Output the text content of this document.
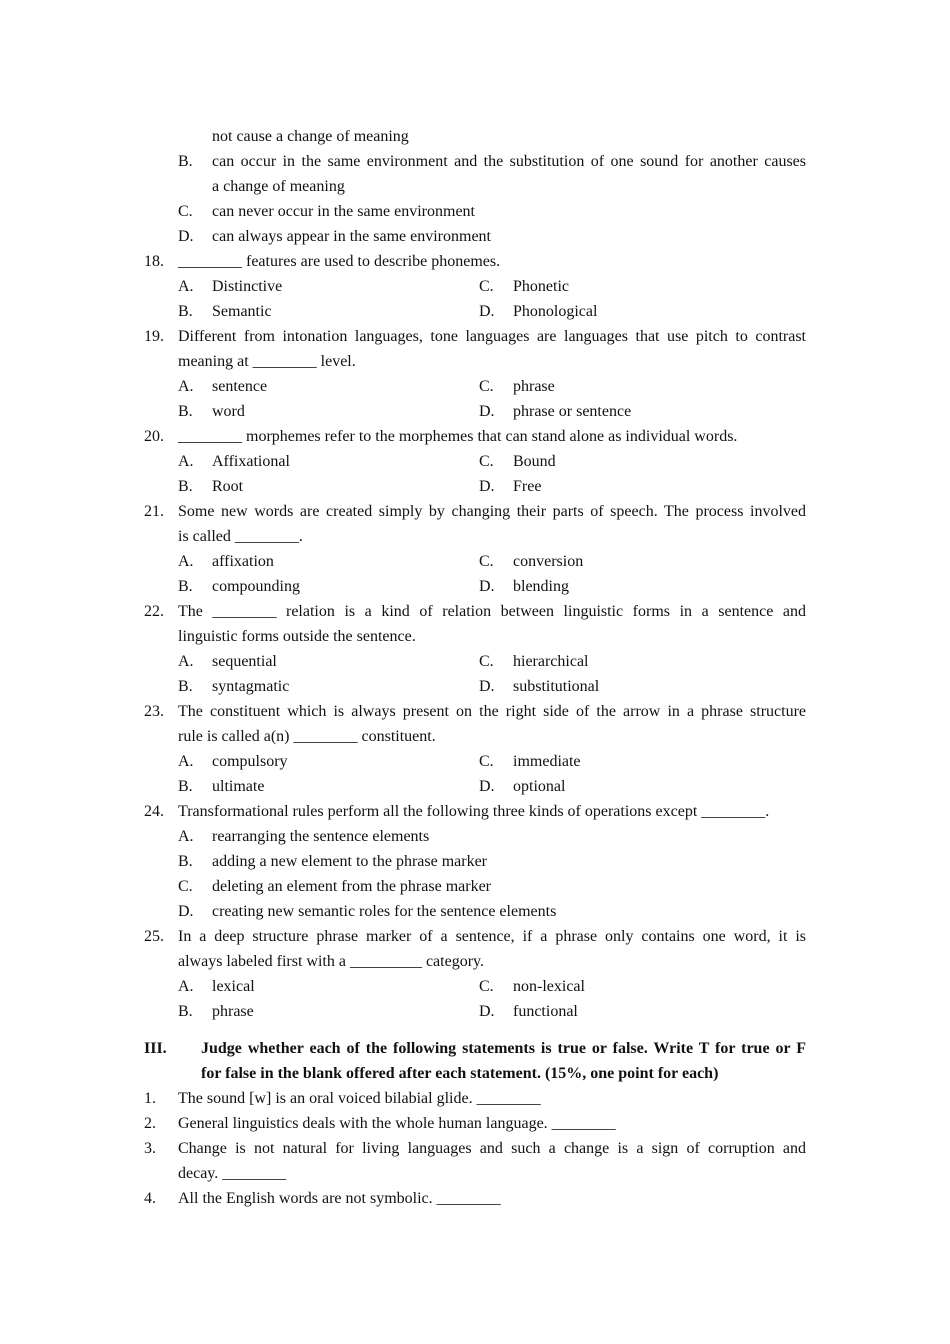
not cause a change of meaning
B. can occur in the same environment and the substitution of one sound for another causes
a change of meaning
C. can never occur in the same environment
D. can always appear in the same environment
18. ________ features are used to describe phonemes.
A. Distinctive	C. Phonetic
B. Semantic	D. Phonological
19. Different from intonation languages, tone languages are languages that use pitch to contrast
meaning at ________ level.
A. sentence	C. phrase
B. word	D. phrase or sentence
20. ________ morphemes refer to the morphemes that can stand alone as individual words.
A. Affixational	C. Bound
B. Root	D. Free
21. Some new words are created simply by changing their parts of speech. The process involved
is called ________.
A. affixation	C. conversion
B. compounding	D. blending
22. The ________ relation is a kind of relation between linguistic forms in a sentence and
linguistic forms outside the sentence.
A. sequential	C. hierarchical
B. syntagmatic	D. substitutional
23. The constituent which is always present on the right side of the arrow in a phrase structure
rule is called a(n) ________ constituent.
A. compulsory	C. immediate
B. ultimate	D. optional
24. Transformational rules perform all the following three kinds of operations except ________.
A. rearranging the sentence elements
B. adding a new element to the phrase marker
C. deleting an element from the phrase marker
D. creating new semantic roles for the sentence elements
25. In a deep structure phrase marker of a sentence, if a phrase only contains one word, it is
always labeled first with a _________ category.
A. lexical	C. non-lexical
B. phrase	D. functional
III. Judge whether each of the following statements is true or false. Write T for true or F
for false in the blank offered after each statement. (15%, one point for each)
1. The sound [w] is an oral voiced bilabial glide. ________
2. General linguistics deals with the whole human language. ________
3. Change is not natural for living languages and such a change is a sign of corruption and
decay. ________
4. All the English words are not symbolic. ________
